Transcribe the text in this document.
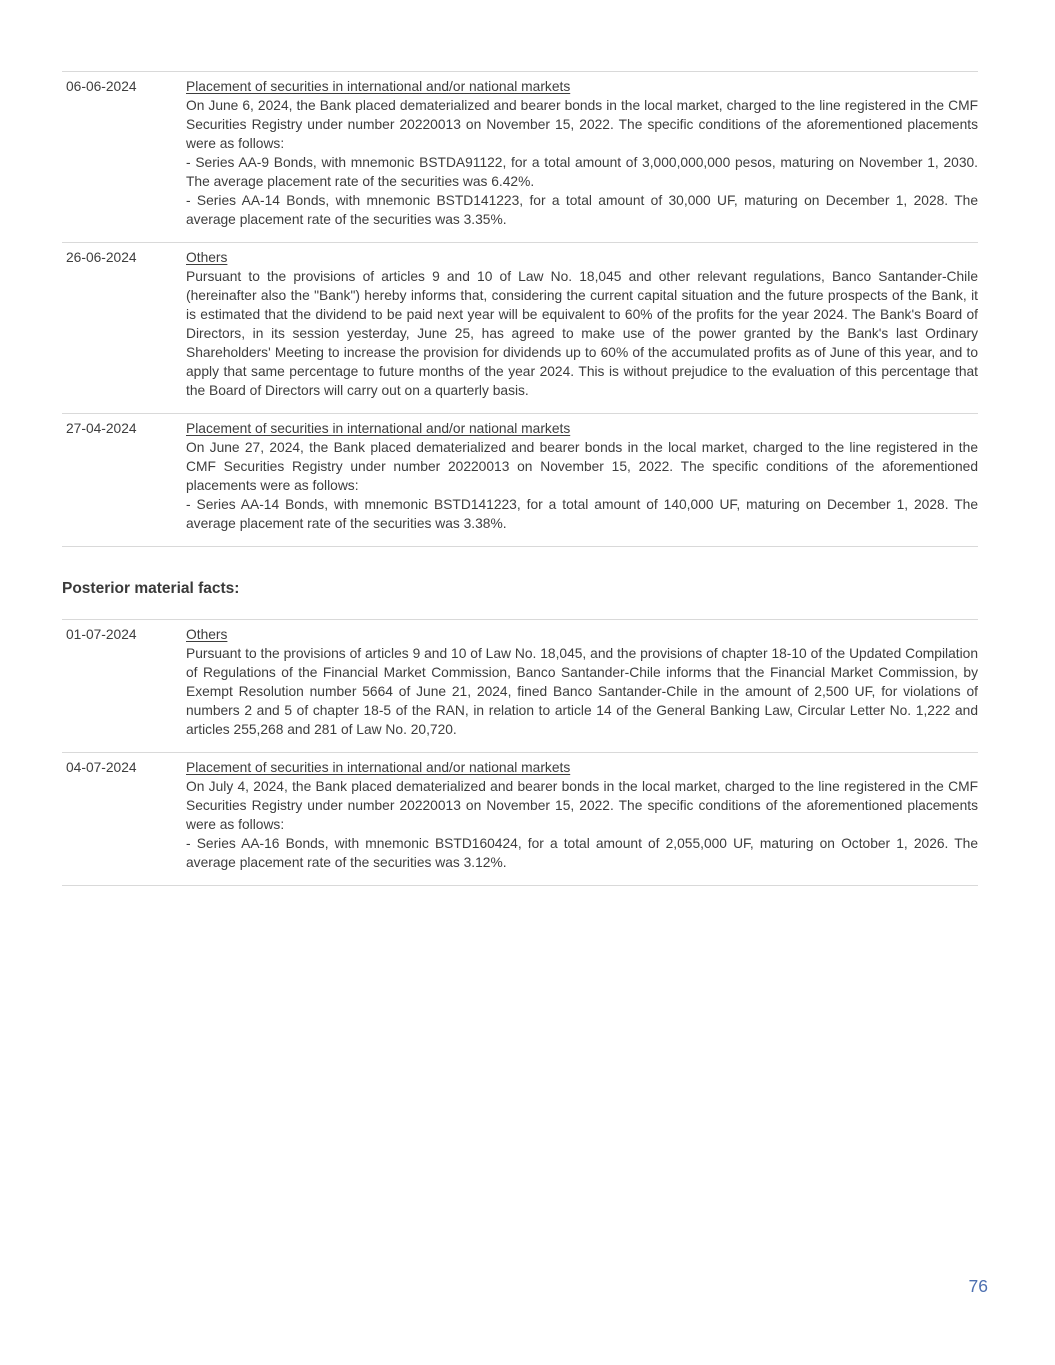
06-06-2024	Placement of securities in international and/or national markets

On June 6, 2024, the Bank placed dematerialized and bearer bonds in the local market, charged to the line registered in the CMF Securities Registry under number 20220013 on November 15, 2022. The specific conditions of the aforementioned placements were as follows:

- Series AA-9 Bonds, with mnemonic BSTDA91122, for a total amount of 3,000,000,000 pesos, maturing on November 1, 2030. The average placement rate of the securities was 6.42%.

- Series AA-14 Bonds, with mnemonic BSTD141223, for a total amount of 30,000 UF, maturing on December 1, 2028. The average placement rate of the securities was 3.35%.

26-06-2024	Others

Pursuant to the provisions of articles 9 and 10 of Law No. 18,045 and other relevant regulations, Banco Santander-Chile (hereinafter also the "Bank") hereby informs that, considering the current capital situation and the future prospects of the Bank, it is estimated that the dividend to be paid next year will be equivalent to 60% of the profits for the year 2024. The Bank's Board of Directors, in its session yesterday, June 25, has agreed to make use of the power granted by the Bank's last Ordinary Shareholders' Meeting to increase the provision for dividends up to 60% of the accumulated profits as of June of this year, and to apply that same percentage to future months of the year 2024. This is without prejudice to the evaluation of this percentage that the Board of Directors will carry out on a quarterly basis.

27-04-2024	Placement of securities in international and/or national markets

On June 27, 2024, the Bank placed dematerialized and bearer bonds in the local market, charged to the line registered in the CMF Securities Registry under number 20220013 on November 15, 2022. The specific conditions of the aforementioned placements were as follows:

- Series AA-14 Bonds, with mnemonic BSTD141223, for a total amount of 140,000 UF, maturing on December 1, 2028. The average placement rate of the securities was 3.38%.

Posterior material facts:
01-07-2024	Others

Pursuant to the provisions of articles 9 and 10 of Law No. 18,045, and the provisions of chapter 18-10 of the Updated Compilation of Regulations of the Financial Market Commission, Banco Santander-Chile informs that the Financial Market Commission, by Exempt Resolution number 5664 of June 21, 2024, fined Banco Santander-Chile in the amount of 2,500 UF, for violations of numbers 2 and 5 of chapter 18-5 of the RAN, in relation to article 14 of the General Banking Law, Circular Letter No. 1,222 and articles 255,268 and 281 of Law No. 20,720.

04-07-2024	Placement of securities in international and/or national markets

On July 4, 2024, the Bank placed dematerialized and bearer bonds in the local market, charged to the line registered in the CMF Securities Registry under number 20220013 on November 15, 2022. The specific conditions of the aforementioned placements were as follows:

- Series AA-16 Bonds, with mnemonic BSTD160424, for a total amount of 2,055,000 UF, maturing on October 1, 2026. The average placement rate of the securities was 3.12%.

76
